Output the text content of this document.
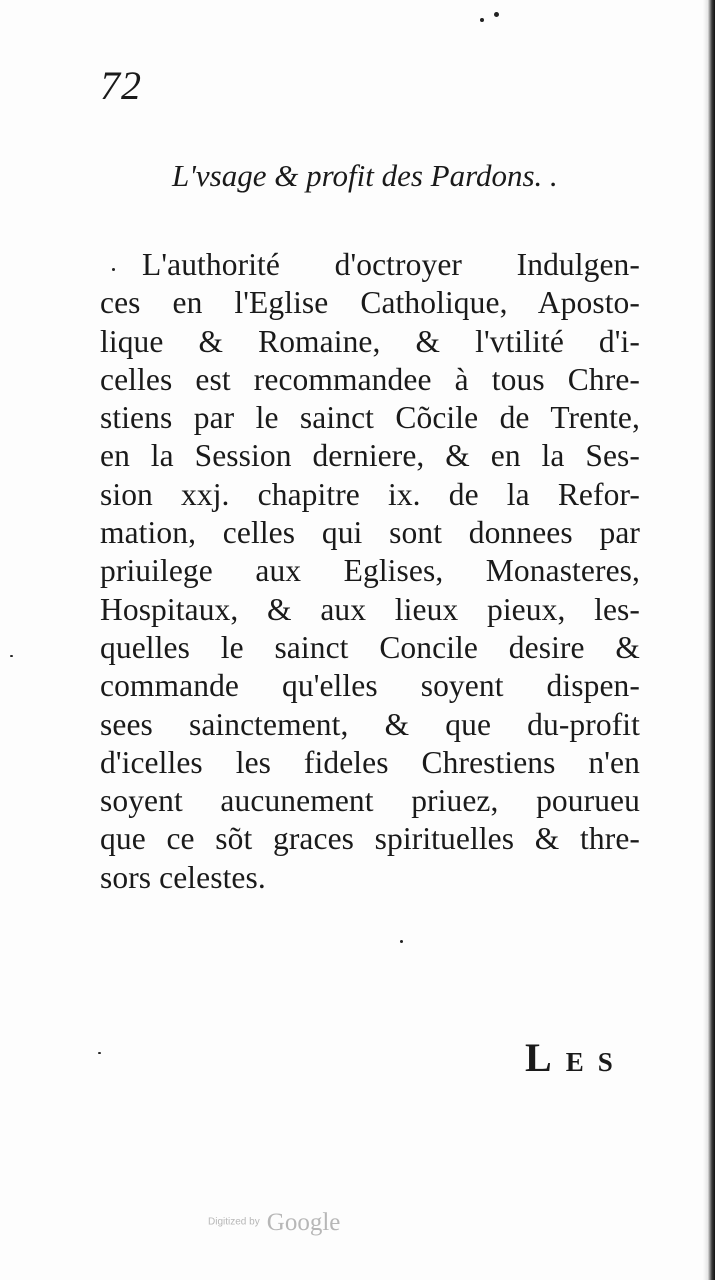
72
L'vsage & profit des Pardons. .
L'authorité d'octroyer Indulgen-
ces en l'Eglise Catholique, Aposto-
lique & Romaine, & l'vtilité d'i-
celles est recommandee à tous Chre-
stiens par le sainct Cõcile de Trente,
en la Session derniere, & en la Ses-
sion xxj. chapitre ix. de la Refor-
mation, celles qui sont donnees par
priuilege aux Eglises, Monasteres,
Hospitaux, & aux lieux pieux, les-
quelles le sainct Concile desire &
commande qu'elles soyent dispen-
sees sainctement, & que du-profit
d'icelles les fideles Chrestiens n'en
soyent aucunement priuez, pourueu
que ce sõt graces spirituelles & thre-
sors celestes.
LES
Digitized by Google
